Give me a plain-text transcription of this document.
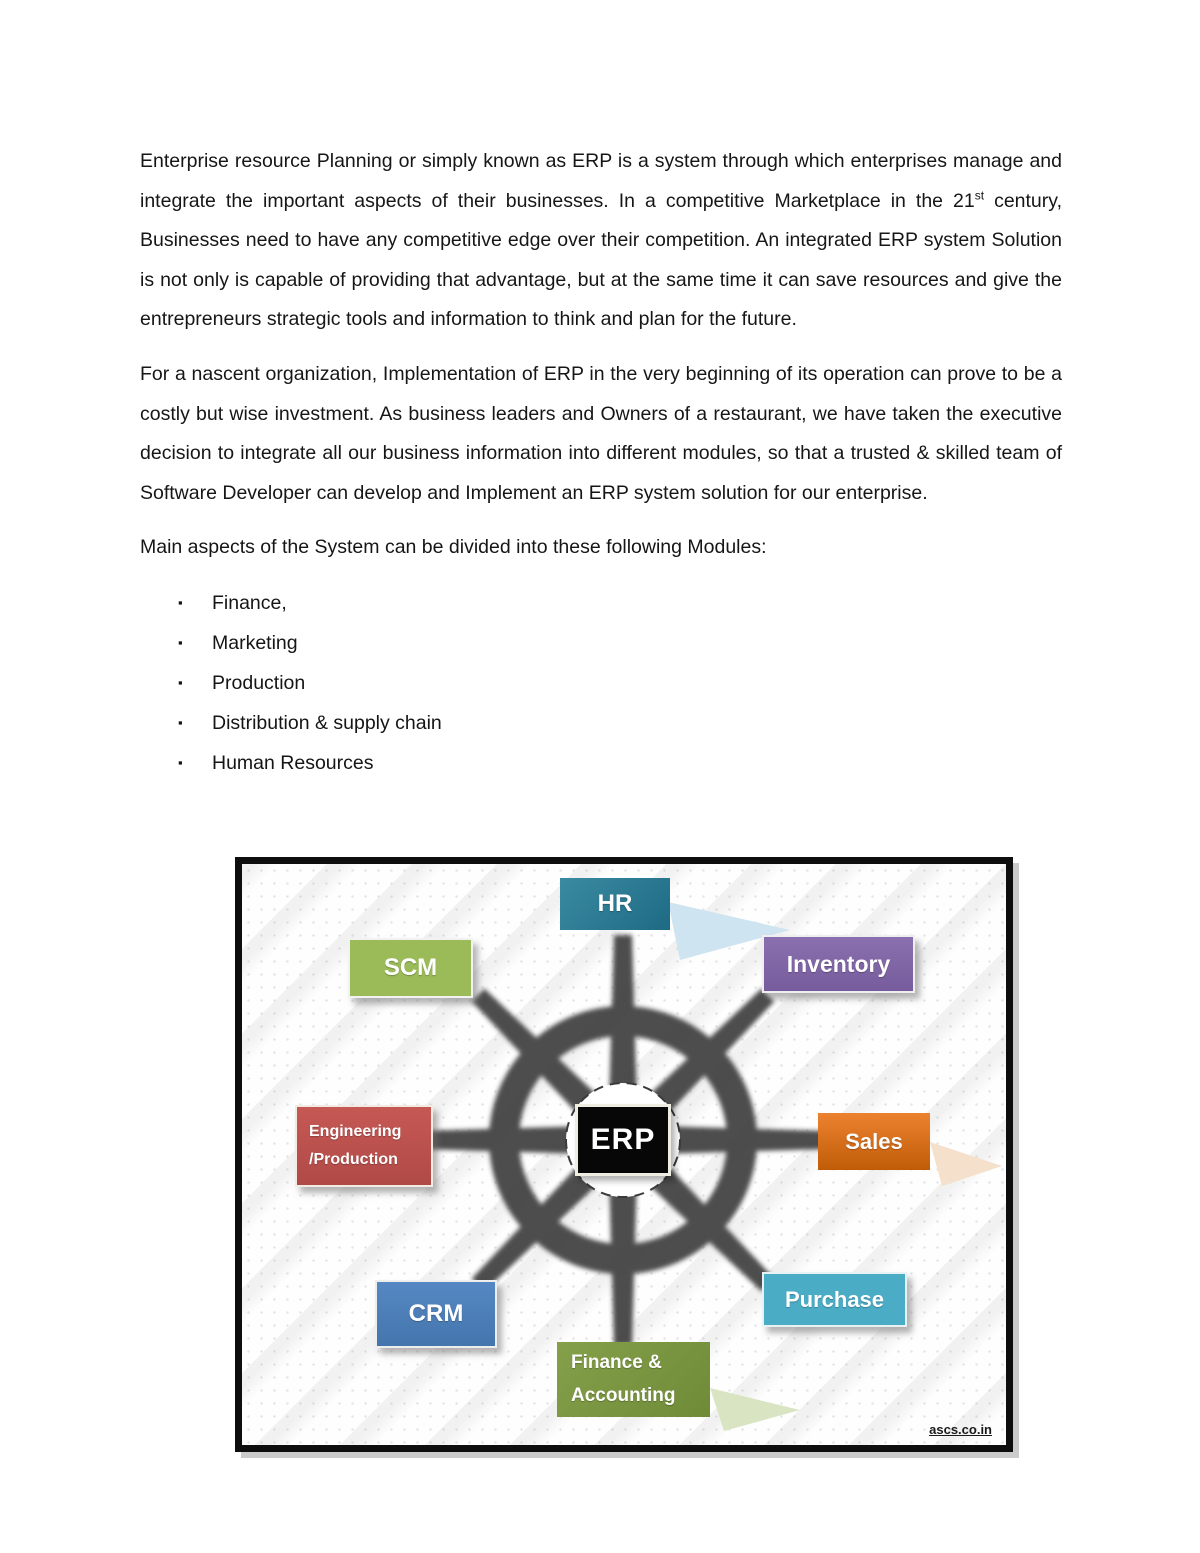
Enterprise resource Planning or simply known as ERP is a system through which enterprises manage and integrate the important aspects of their businesses. In a competitive Marketplace in the 21st century, Businesses need to have any competitive edge over their competition. An integrated ERP system Solution is not only is capable of providing that advantage, but at the same time it can save resources and give the entrepreneurs strategic tools and information to think and plan for the future.

For a nascent organization, Implementation of ERP in the very beginning of its operation can prove to be a costly but wise investment. As business leaders and Owners of a restaurant, we have taken the executive decision to integrate all our business information into different modules, so that a trusted & skilled team of Software Developer can develop and Implement an ERP system solution for our enterprise.

Main aspects of the System can be divided into these following Modules:

▪ Finance,
▪ Marketing
▪ Production
▪ Distribution & supply chain
▪ Human Resources
HR
Inventory
SCM
Engineering
/Production
Sales
CRM
Purchase
Finance &
Accounting
ERP
ascs.co.in
